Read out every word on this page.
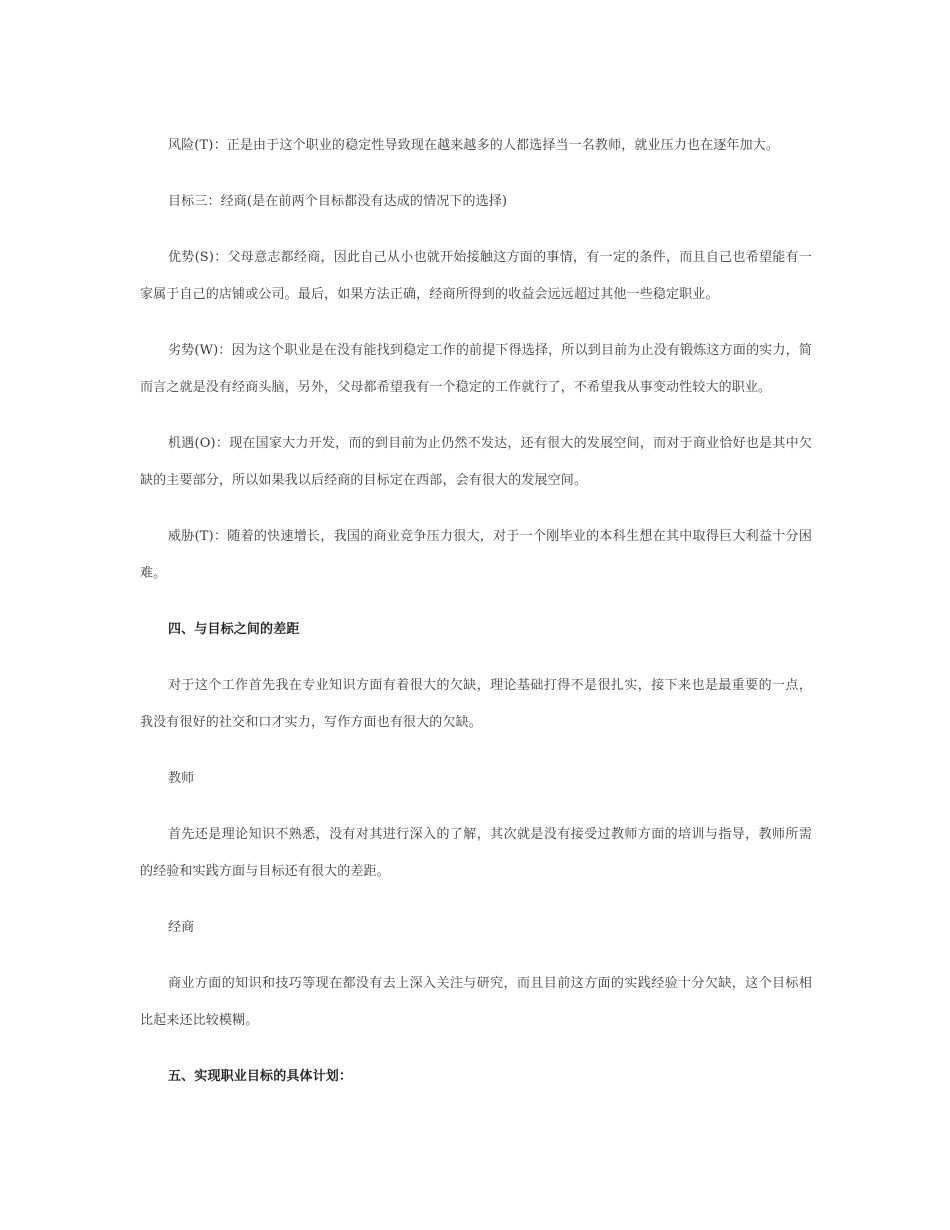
风险(T)：正是由于这个职业的稳定性导致现在越来越多的人都选择当一名教师，就业压力也在逐年加大。

目标三：经商(是在前两个目标都没有达成的情况下的选择)

优势(S)：父母意志都经商，因此自己从小也就开始接触这方面的事情，有一定的条件，而且自己也希望能有一家属于自己的店铺或公司。最后，如果方法正确，经商所得到的收益会远远超过其他一些稳定职业。

劣势(W)：因为这个职业是在没有能找到稳定工作的前提下得选择，所以到目前为止没有锻炼这方面的实力，简而言之就是没有经商头脑，另外，父母都希望我有一个稳定的工作就行了，不希望我从事变动性较大的职业。

机遇(O)：现在国家大力开发，而的到目前为止仍然不发达，还有很大的发展空间，而对于商业恰好也是其中欠缺的主要部分，所以如果我以后经商的目标定在西部，会有很大的发展空间。

威胁(T)：随着的快速增长，我国的商业竞争压力很大，对于一个刚毕业的本科生想在其中取得巨大利益十分困难。

四、与目标之间的差距

对于这个工作首先我在专业知识方面有着很大的欠缺，理论基础打得不是很扎实，接下来也是最重要的一点，我没有很好的社交和口才实力，写作方面也有很大的欠缺。

教师

首先还是理论知识不熟悉，没有对其进行深入的了解，其次就是没有接受过教师方面的培训与指导，教师所需的经验和实践方面与目标还有很大的差距。

经商

商业方面的知识和技巧等现在都没有去上深入关注与研究，而且目前这方面的实践经验十分欠缺，这个目标相比起来还比较模糊。

五、实现职业目标的具体计划：
